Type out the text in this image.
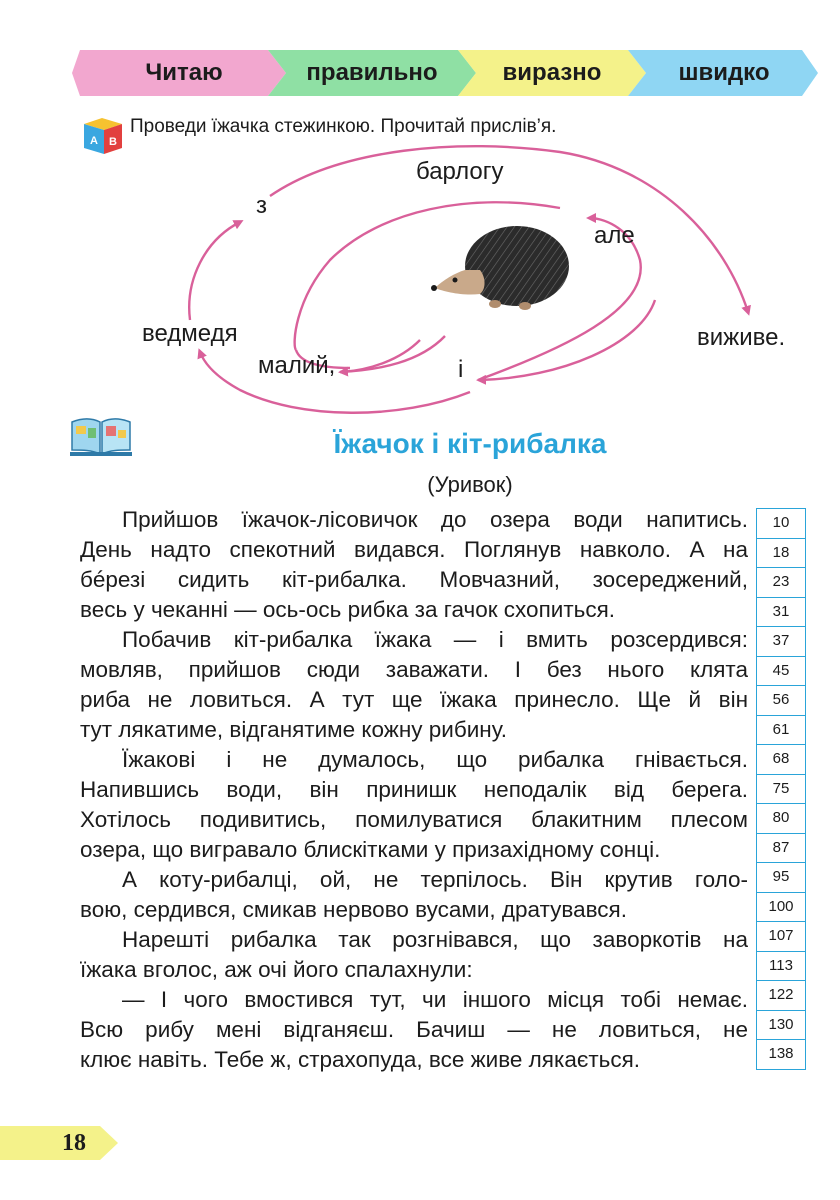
Читаю	правильно	виразно	швидко
A B
Проведи їжачка стежинкою. Прочитай прислів’я.
з
барлогу
але
ведмедя
малий,	і
виживе.
Їжачок і кіт-рибалка
(Уривок)
Прийшов їжачок-лісовичок до озера води напитись.
День надто спекотний видався. Поглянув навколо. А на
бéрезі сидить кіт-рибалка. Мовчазний, зосереджений,
весь у чеканні — ось-ось рибка за гачок схопиться.
Побачив кіт-рибалка їжака — і вмить розсердився:
мовляв, прийшов сюди заважати. І без нього клята
риба не ловиться. А тут ще їжака принесло. Ще й він
тут лякатиме, відганятиме кожну рибину.
Їжакові і не думалось, що рибалка гнівається.
Напившись води, він принишк неподалік від берега.
Хотілось подивитись, помилуватися блакитним плесом
озера, що вигравало блискітками у призахідному сонці.
А коту-рибалці, ой, не терпілось. Він крутив голо-
вою, сердився, смикав нервово вусами, дратувався.
Нарешті рибалка так розгнівався, що заворкотів на
їжака вголос, аж очі його спалахнули:
— І чого вмостився тут, чи іншого місця тобі немає.
Всю рибу мені відганяєш. Бачиш — не ловиться, не
клює навіть. Тебе ж, страхопуда, все живе лякається.
10
18
23
31
37
45
56
61
68
75
80
87
95
100
107
113
122
130
138
18
